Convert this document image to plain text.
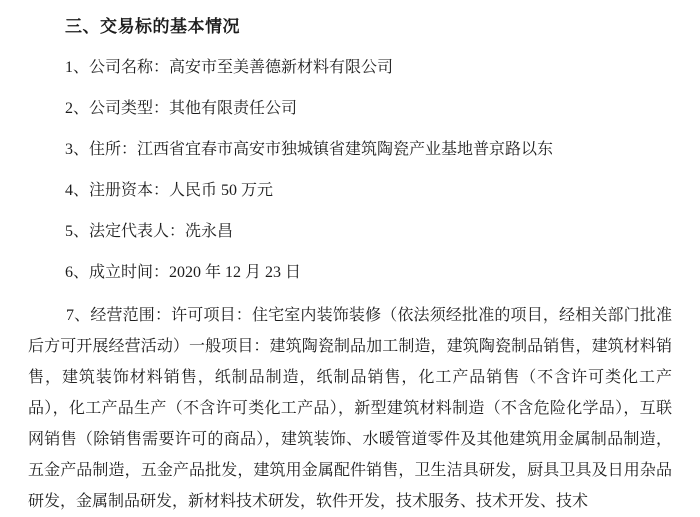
三、交易标的基本情况

1、公司名称：高安市至美善德新材料有限公司

2、公司类型：其他有限责任公司

3、住所：江西省宜春市高安市独城镇省建筑陶瓷产业基地普京路以东

4、注册资本：人民币 50 万元

5、法定代表人：冼永昌

6、成立时间：2020 年 12 月 23 日

7、经营范围：许可项目：住宅室内装饰装修（依法须经批准的项目，经相关部门批准后方可开展经营活动）一般项目：建筑陶瓷制品加工制造，建筑陶瓷制品销售，建筑材料销售，建筑装饰材料销售，纸制品制造，纸制品销售，化工产品销售（不含许可类化工产品），化工产品生产（不含许可类化工产品），新型建筑材料制造（不含危险化学品），互联网销售（除销售需要许可的商品），建筑装饰、水暖管道零件及其他建筑用金属制品制造，五金产品制造，五金产品批发，建筑用金属配件销售，卫生洁具研发，厨具卫具及日用杂品研发，金属制品研发，新材料技术研发，软件开发，技术服务、技术开发、技术
